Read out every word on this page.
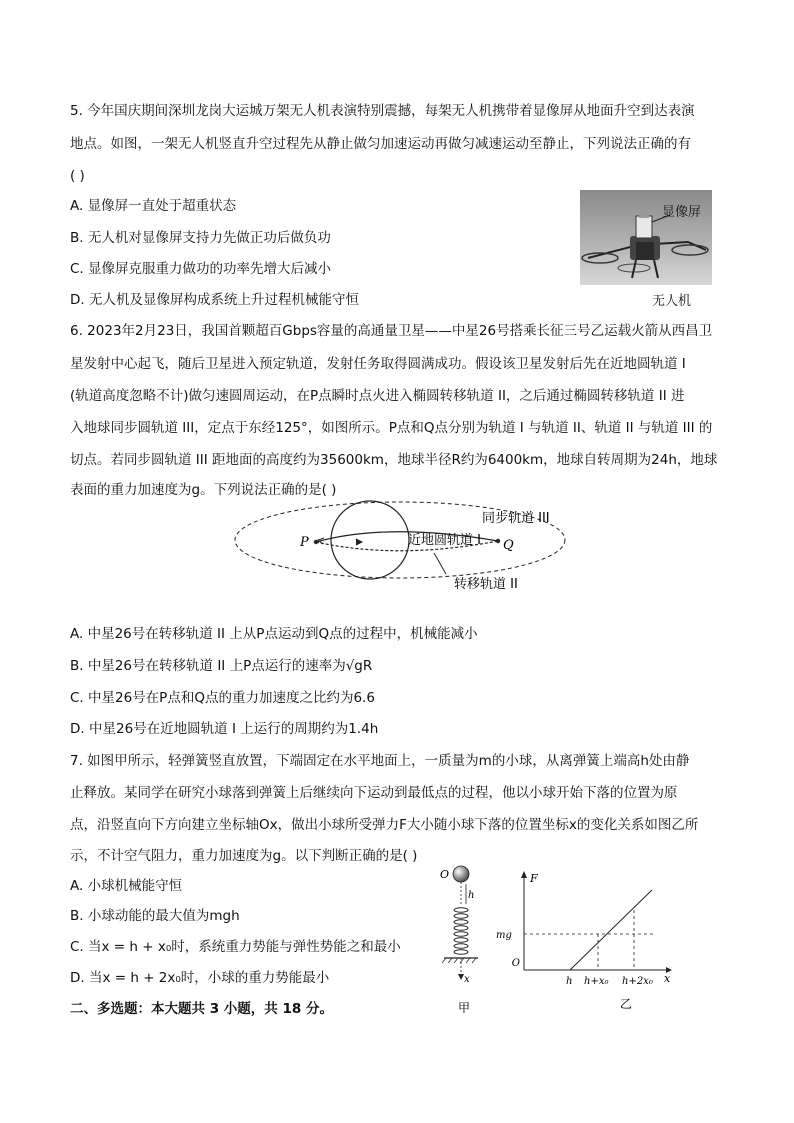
5. 今年国庆期间深圳龙岗大运城万架无人机表演特别震撼，每架无人机携带着显像屏从地面升空到达表演
地点。如图，一架无人机竖直升空过程先从静止做匀加速运动再做匀减速运动至静止，下列说法正确的有
( )
A. 显像屏一直处于超重状态
B. 无人机对显像屏支持力先做正功后做负功
C. 显像屏克服重力做功的功率先增大后减小
D. 无人机及显像屏构成系统上升过程机械能守恒
显像屏
无人机
6. 2023年2月23日，我国首颗超百Gbps容量的高通量卫星——中星26号搭乘长征三号乙运载火箭从西昌卫
星发射中心起飞，随后卫星进入预定轨道，发射任务取得圆满成功。假设该卫星发射后先在近地圆轨道 I
(轨道高度忽略不计)做匀速圆周运动，在P点瞬时点火进入椭圆转移轨道 II，之后通过椭圆转移轨道 II 进
入地球同步圆轨道 III，定点于东经125°，如图所示。P点和Q点分别为轨道 I 与轨道 II、轨道 II 与轨道 III 的
切点。若同步圆轨道 III 距地面的高度约为35600km，地球半径R约为6400km，地球自转周期为24h，地球
表面的重力加速度为g。下列说法正确的是( )
P	Q
同步轨道 III
近地圆轨道 I
转移轨道 II
A. 中星26号在转移轨道 II 上从P点运动到Q点的过程中，机械能减小
B. 中星26号在转移轨道 II 上P点运行的速率为√gR
C. 中星26号在P点和Q点的重力加速度之比约为6.6
D. 中星26号在近地圆轨道 I 上运行的周期约为1.4h
7. 如图甲所示，轻弹簧竖直放置，下端固定在水平地面上，一质量为m的小球，从离弹簧上端高h处由静
止释放。某同学在研究小球落到弹簧上后继续向下运动到最低点的过程，他以小球开始下落的位置为原
点，沿竖直向下方向建立坐标轴Ox，做出小球所受弹力F大小随小球下落的位置坐标x的变化关系如图乙所
示，不计空气阻力，重力加速度为g。以下判断正确的是( )
A. 小球机械能守恒
B. 小球动能的最大值为mgh
C. 当x = h + x₀时，系统重力势能与弹性势能之和最小
D. 当x = h + 2x₀时，小球的重力势能最小
O
h
x
甲
O
F
x
mg
h h+x₀ h+2x₀
乙
二、多选题：本大题共 3 小题，共 18 分。
